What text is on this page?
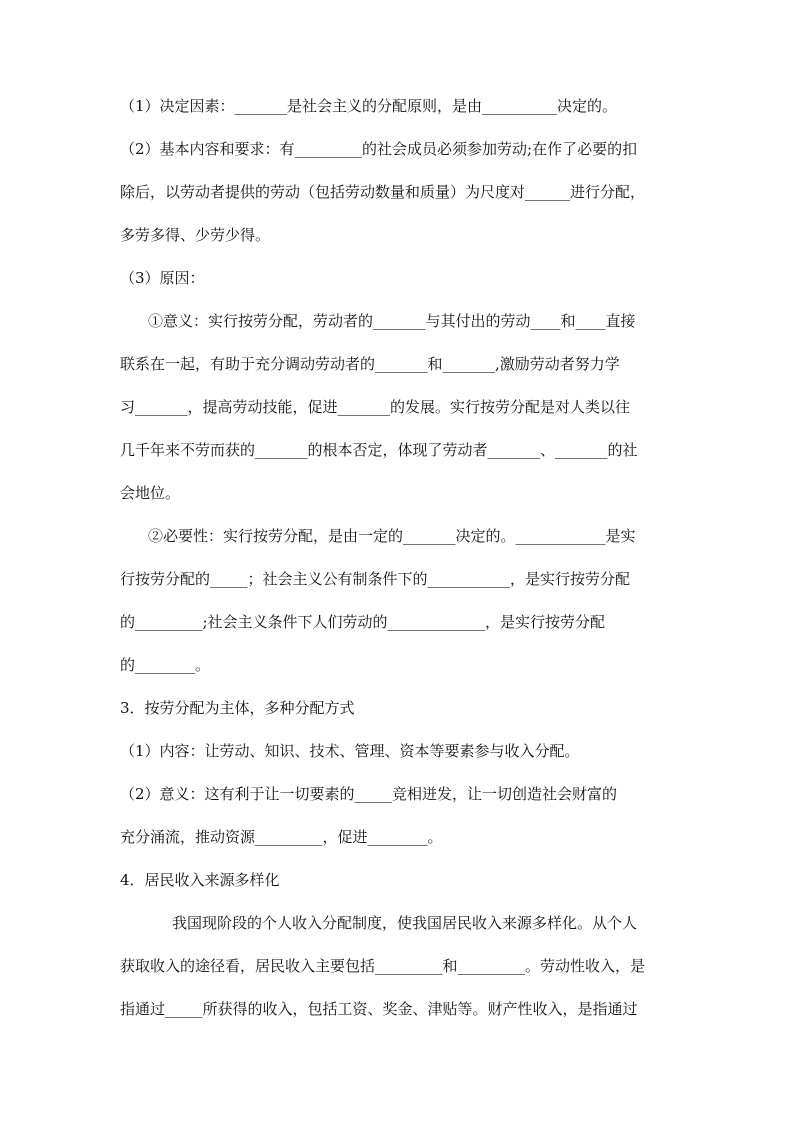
（1）决定因素：_______是社会主义的分配原则，是由__________决定的。
（2）基本内容和要求：有_________的社会成员必须参加劳动;在作了必要的扣
除后，以劳动者提供的劳动（包括劳动数量和质量）为尺度对______进行分配，
多劳多得、少劳少得。
（3）原因：
①意义：实行按劳分配，劳动者的_______与其付出的劳动____和____直接
联系在一起，有助于充分调动劳动者的_______和_______,激励劳动者努力学
习_______，提高劳动技能，促进_______的发展。实行按劳分配是对人类以往
几千年来不劳而获的_______的根本否定，体现了劳动者_______、_______的社
会地位。
②必要性：实行按劳分配，是由一定的_______决定的。____________是实
行按劳分配的_____；社会主义公有制条件下的___________，是实行按劳分配
的_________;社会主义条件下人们劳动的_____________，是实行按劳分配
的________。
3．按劳分配为主体，多种分配方式
（1）内容：让劳动、知识、技术、管理、资本等要素参与收入分配。
（2）意义：这有利于让一切要素的_____竞相迸发，让一切创造社会财富的
充分涌流，推动资源_________，促进________。
4．居民收入来源多样化
我国现阶段的个人收入分配制度，使我国居民收入来源多样化。从个人
获取收入的途径看，居民收入主要包括_________和_________。劳动性收入，是
指通过_____所获得的收入，包括工资、奖金、津贴等。财产性收入，是指通过
